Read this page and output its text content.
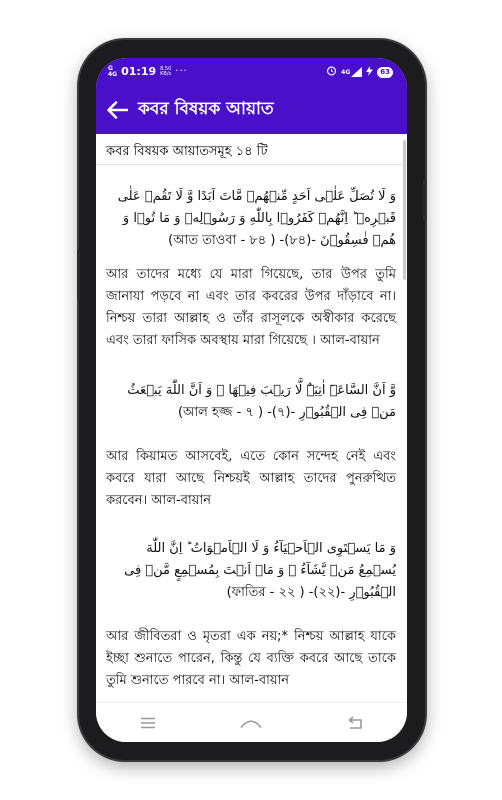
G
4G 01:19 8.50
KB/s ···	4G	63
কবর বিষয়ক আয়াত
কবর বিষয়ক আয়াতসমূহ ১৪ টি
وَ لَا تُصَلِّ عَلٰۤی اَحَدٍ مِّنۡهُمۡ مَّاتَ اَبَدًا وَّ لَا تَقُمۡ عَلٰی قَبۡرِهٖ ؕ اِنَّهُمۡ كَفَرُوۡا بِاللّٰهِ وَ رَسُوۡلِهٖ وَ مَا تُوۡا وَ هُمۡ فٰسِقُوۡنَ -(৮৪)- ( আত তাওবা - ৮৪)
আর তাদের মধ্যে যে মারা গিয়েছে, তার উপর তুমি জানাযা পড়বে না এবং তার কবরের উপর দাঁড়াবে না। নিশ্চয় তারা আল্লাহ ও তাঁর রাসূলকে অস্বীকার করেছে এবং তারা ফাসিক অবস্থায় মারা গিয়েছে । আল-বায়ান
وَّ اَنَّ السَّاعَۃَ اٰتِیَۃٌ لَّا رَیۡبَ فِیۡهَا ۙ وَ اَنَّ اللّٰهَ یَبۡعَثُ مَنۡ فِی الۡقُبُوۡرِ -(৭)- ( আল হজ্জ - ৭)
আর কিয়ামত আসবেই, এতে কোন সন্দেহ নেই এবং কবরে যারা আছে নিশ্চয়ই আল্লাহ তাদের পুনরুত্থিত করবেন। আল-বায়ান
وَ مَا یَسۡتَوِی الۡاَحۡیَآءُ وَ لَا الۡاَمۡوَاتُ ؕ اِنَّ اللّٰهَ یُسۡمِعُ مَنۡ یَّشَآءُ ۚ وَ مَاۤ اَنۡتَ بِمُسۡمِعٍ مَّنۡ فِی الۡقُبُوۡرِ -(২২)- ( ফাতির - ২২)
আর জীবিতরা ও মৃতরা এক নয়;* নিশ্চয় আল্লাহ যাকে ইচ্ছা শুনাতে পারেন, কিন্তু যে ব্যক্তি কবরে আছে তাকে তুমি শুনাতে পারবে না। আল-বায়ান
